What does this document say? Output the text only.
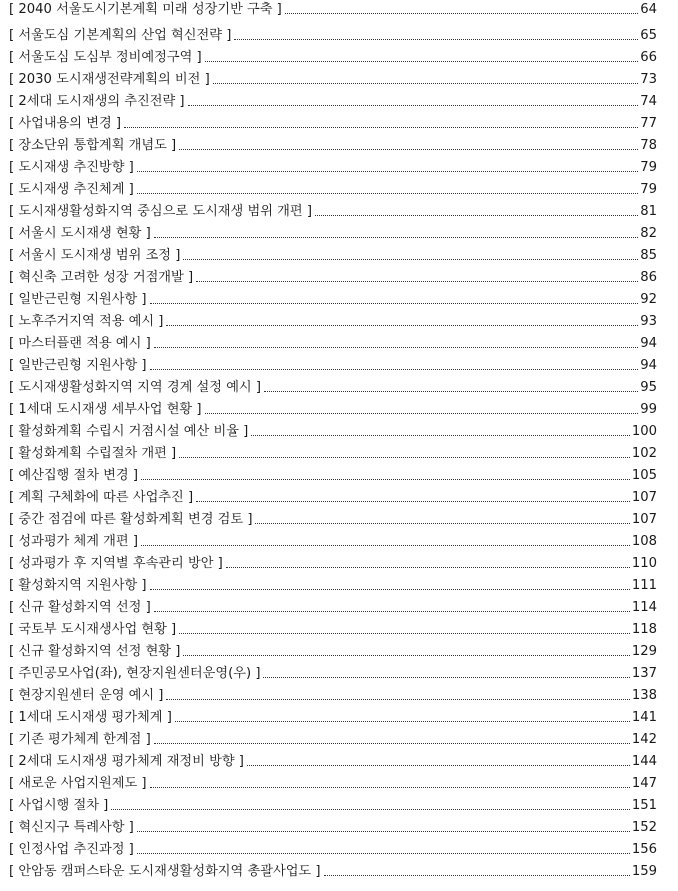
[ 2040 서울도시기본계획 미래 성장기반 구축 ]	64
[ 서울도심 기본계획의 산업 혁신전략 ]	65
[ 서울도심 도심부 정비예정구역 ]	66
[ 2030 도시재생전략계획의 비전 ]	73
[ 2세대 도시재생의 추진전략 ]	74
[ 사업내용의 변경 ]	77
[ 장소단위 통합계획 개념도 ]	78
[ 도시재생 추진방향 ]	79
[ 도시재생 추진체계 ]	79
[ 도시재생활성화지역 중심으로 도시재생 범위 개편 ]	81
[ 서울시 도시재생 현황 ]	82
[ 서울시 도시재생 범위 조정 ]	85
[ 혁신축 고려한 성장 거점개발 ]	86
[ 일반근린형 지원사항 ]	92
[ 노후주거지역 적용 예시 ]	93
[ 마스터플랜 적용 예시 ]	94
[ 일반근린형 지원사항 ]	94
[ 도시재생활성화지역 지역 경계 설정 예시 ]	95
[ 1세대 도시재생 세부사업 현황 ]	99
[ 활성화계획 수립시 거점시설 예산 비율 ]	100
[ 활성화계획 수립절차 개편 ]	102
[ 예산집행 절차 변경 ]	105
[ 계획 구체화에 따른 사업추진 ]	107
[ 중간 점검에 따른 활성화계획 변경 검토 ]	107
[ 성과평가 체계 개편 ]	108
[ 성과평가 후 지역별 후속관리 방안 ]	110
[ 활성화지역 지원사항 ]	111
[ 신규 활성화지역 선정 ]	114
[ 국토부 도시재생사업 현황 ]	118
[ 신규 활성화지역 선정 현황 ]	129
[ 주민공모사업(좌), 현장지원센터운영(우) ]	137
[ 현장지원센터 운영 예시 ]	138
[ 1세대 도시재생 평가체계 ]	141
[ 기존 평가체계 한계점 ]	142
[ 2세대 도시재생 평가체계 재정비 방향 ]	144
[ 새로운 사업지원제도 ]	147
[ 사업시행 절차 ]	151
[ 혁신지구 특례사항 ]	152
[ 인정사업 추진과정 ]	156
[ 안암동 캠퍼스타운 도시재생활성화지역 총괄사업도 ]	159
